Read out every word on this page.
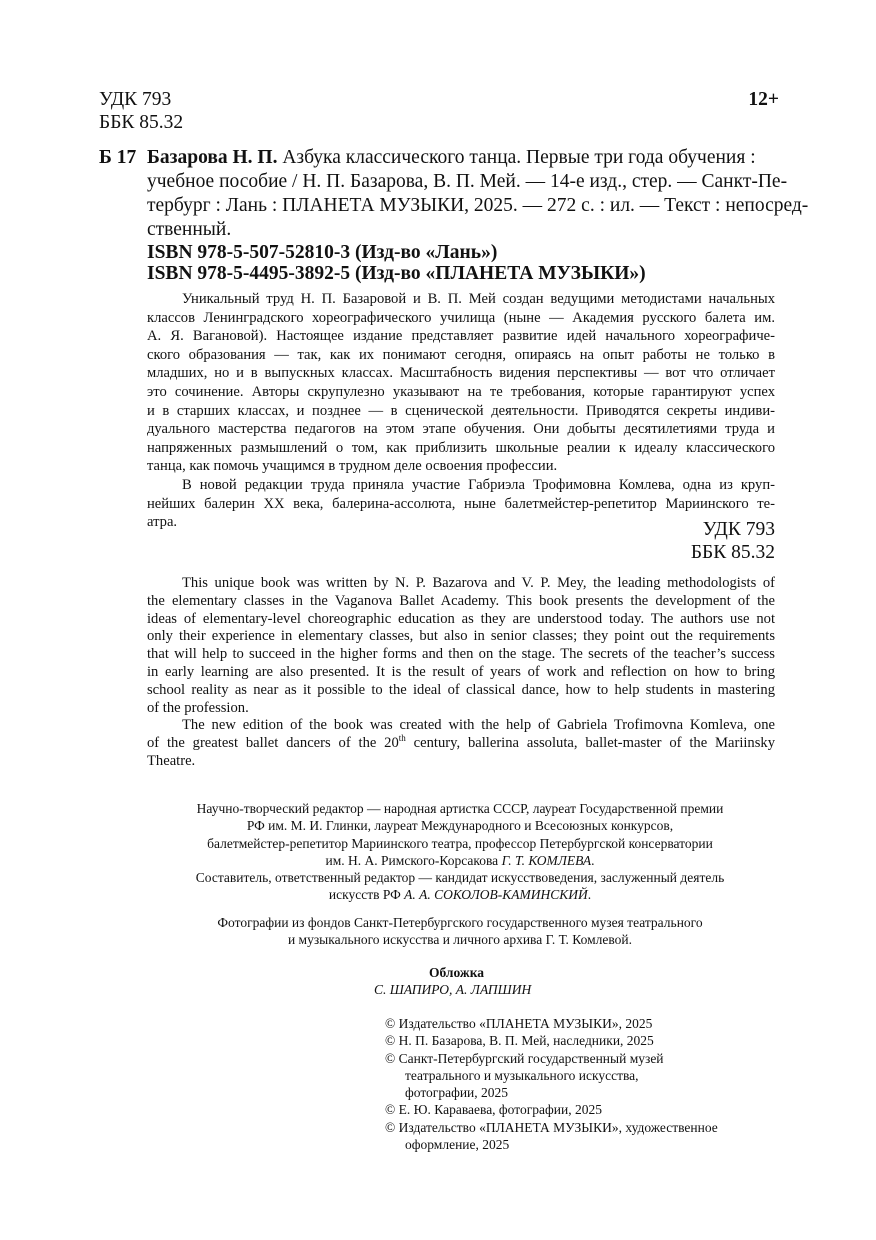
УДК 793
ББК 85.32
12+
Б 17 Базарова Н. П. Азбука классического танца. Первые три года обучения :
учебное пособие / Н. П. Базарова, В. П. Мей. — 14-е изд., стер. — Санкт-Пе-
тербург : Лань : ПЛАНЕТА МУЗЫКИ, 2025. — 272 с. : ил. — Текст : непосред-
ственный.
ISBN 978-5-507-52810-3 (Изд-во «Лань»)
ISBN 978-5-4495-3892-5 (Изд-во «ПЛАНЕТА МУЗЫКИ»)
Уникальный труд Н. П. Базаровой и В. П. Мей создан ведущими методистами начальных
классов Ленинградского хореографического училища (ныне — Академия русского балета им.
А. Я. Вагановой). Настоящее издание представляет развитие идей начального хореографиче-
ского образования — так, как их понимают сегодня, опираясь на опыт работы не только в
младших, но и в выпускных классах. Масштабность видения перспективы — вот что отличает
это сочинение. Авторы скрупулезно указывают на те требования, которые гарантируют успех
и в старших классах, и позднее — в сценической деятельности. Приводятся секреты индиви-
дуального мастерства педагогов на этом этапе обучения. Они добыты десятилетиями труда и
напряженных размышлений о том, как приблизить школьные реалии к идеалу классического
танца, как помочь учащимся в трудном деле освоения профессии.
В новой редакции труда приняла участие Габриэла Трофимовна Комлева, одна из круп-
нейших балерин XX века, балерина-ассолюта, ныне балетмейстер-репетитор Мариинского те-
атра.	УДК 793
ББК 85.32
This unique book was written by N. P. Bazarova and V. P. Mey, the leading methodologists of
the elementary classes in the Vaganova Ballet Academy. This book presents the development of the
ideas of elementary-level choreographic education as they are understood today. The authors use not
only their experience in elementary classes, but also in senior classes; they point out the requirements
that will help to succeed in the higher forms and then on the stage. The secrets of the teacher’s success
in early learning are also presented. It is the result of years of work and reflection on how to bring
school reality as near as it possible to the ideal of classical dance, how to help students in mastering
of the profession.
The new edition of the book was created with the help of Gabriela Trofimovna Komleva, one
of the greatest ballet dancers of the 20th century, ballerina assoluta, ballet-master of the Mariinsky
Theatre.
Научно-творческий редактор — народная артистка СССР, лауреат Государственной премии
РФ им. М. И. Глинки, лауреат Международного и Всесоюзных конкурсов,
балетмейстер-репетитор Мариинского театра, профессор Петербургской консерватории
им. Н. А. Римского-Корсакова Г. Т. КОМЛЕВА.
Составитель, ответственный редактор — кандидат искусствоведения, заслуженный деятель
искусств РФ А. А. СОКОЛОВ-КАМИНСКИЙ.
Фотографии из фондов Санкт-Петербургского государственного музея театрального
и музыкального искусства и личного архива Г. Т. Комлевой.
Обложка
С. ШАПИРО, А. ЛАПШИН
© Издательство «ПЛАНЕТА МУЗЫКИ», 2025
© Н. П. Базарова, В. П. Мей, наследники, 2025
© Санкт-Петербургский государственный музей
театрального и музыкального искусства,
фотографии, 2025
© Е. Ю. Караваева, фотографии, 2025
© Издательство «ПЛАНЕТА МУЗЫКИ», художественное
оформление, 2025
